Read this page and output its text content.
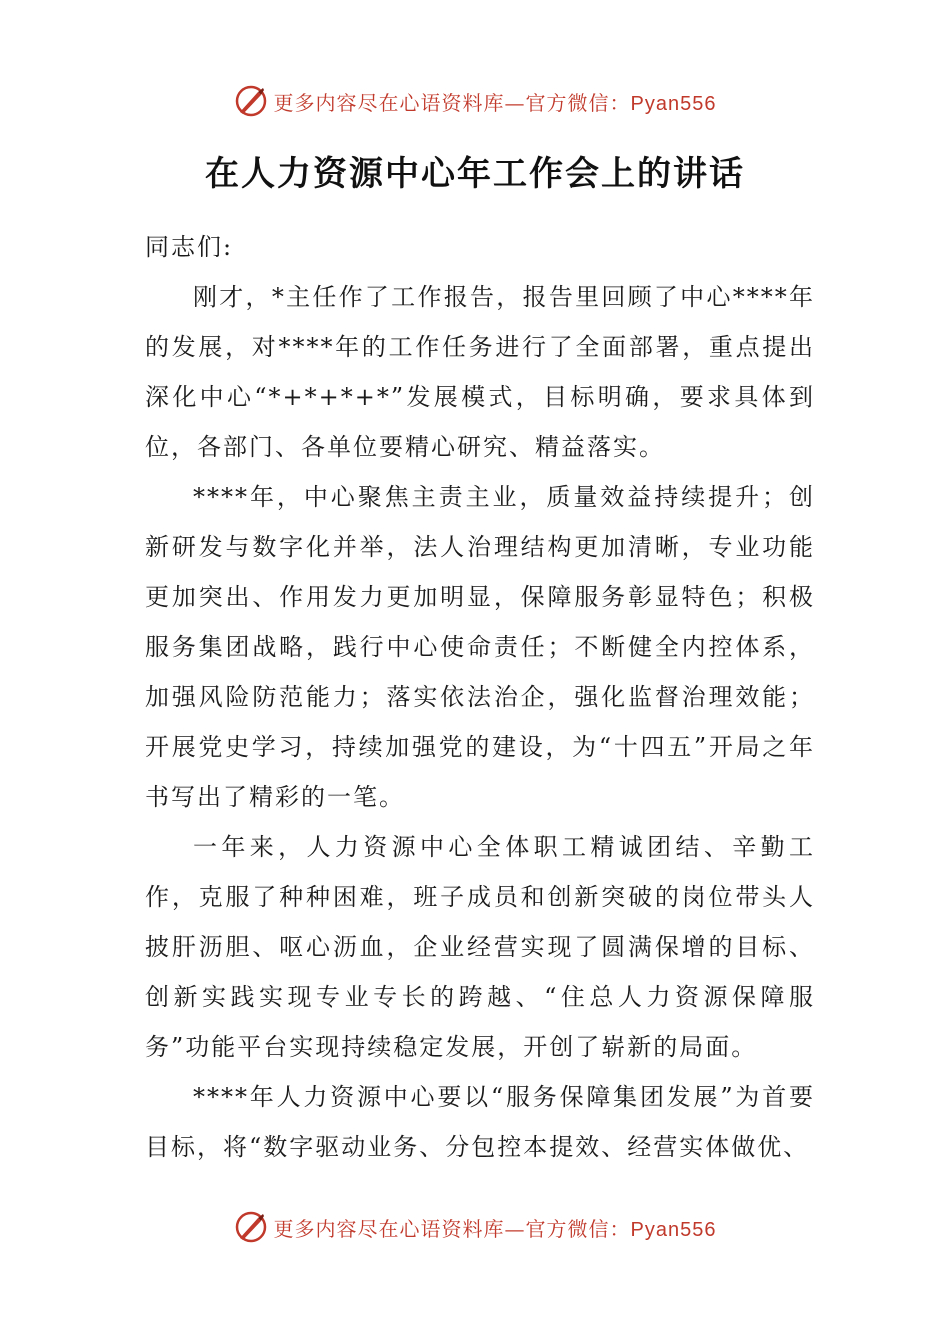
更多内容尽在心语资料库—官方微信：Pyan556
在人力资源中心年工作会上的讲话

同志们:

刚才，*主任作了工作报告，报告里回顾了中心****年的发展，对****年的工作任务进行了全面部署，重点提出深化中心“*+*+*+*”发展模式，目标明确，要求具体到位，各部门、各单位要精心研究、精益落实。

****年，中心聚焦主责主业，质量效益持续提升；创新研发与数字化并举，法人治理结构更加清晰，专业功能更加突出、作用发力更加明显，保障服务彰显特色；积极服务集团战略，践行中心使命责任；不断健全内控体系，加强风险防范能力；落实依法治企，强化监督治理效能；开展党史学习，持续加强党的建设，为“十四五”开局之年书写出了精彩的一笔。

一年来，人力资源中心全体职工精诚团结、辛勤工作，克服了种种困难，班子成员和创新突破的岗位带头人披肝沥胆、呕心沥血，企业经营实现了圆满保增的目标、创新实践实现专业专长的跨越、“住总人力资源保障服务”功能平台实现持续稳定发展，开创了崭新的局面。

****年人力资源中心要以“服务保障集团发展”为首要目标，将“数字驱动业务、分包控本提效、经营实体做优、

更多内容尽在心语资料库—官方微信：Pyan556
